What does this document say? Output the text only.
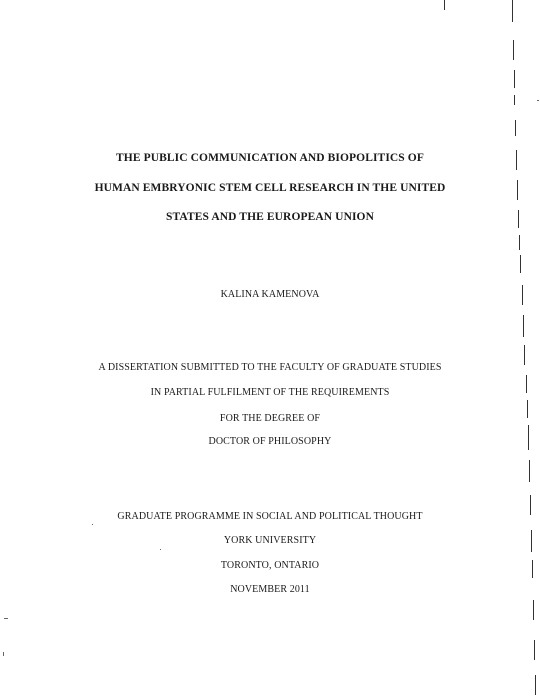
THE PUBLIC COMMUNICATION AND BIOPOLITICS OF
HUMAN EMBRYONIC STEM CELL RESEARCH IN THE UNITED
STATES AND THE EUROPEAN UNION
KALINA KAMENOVA
A DISSERTATION SUBMITTED TO THE FACULTY OF GRADUATE STUDIES
IN PARTIAL FULFILMENT OF THE REQUIREMENTS
FOR THE DEGREE OF
DOCTOR OF PHILOSOPHY
GRADUATE PROGRAMME IN SOCIAL AND POLITICAL THOUGHT
YORK UNIVERSITY
TORONTO, ONTARIO
NOVEMBER 2011
